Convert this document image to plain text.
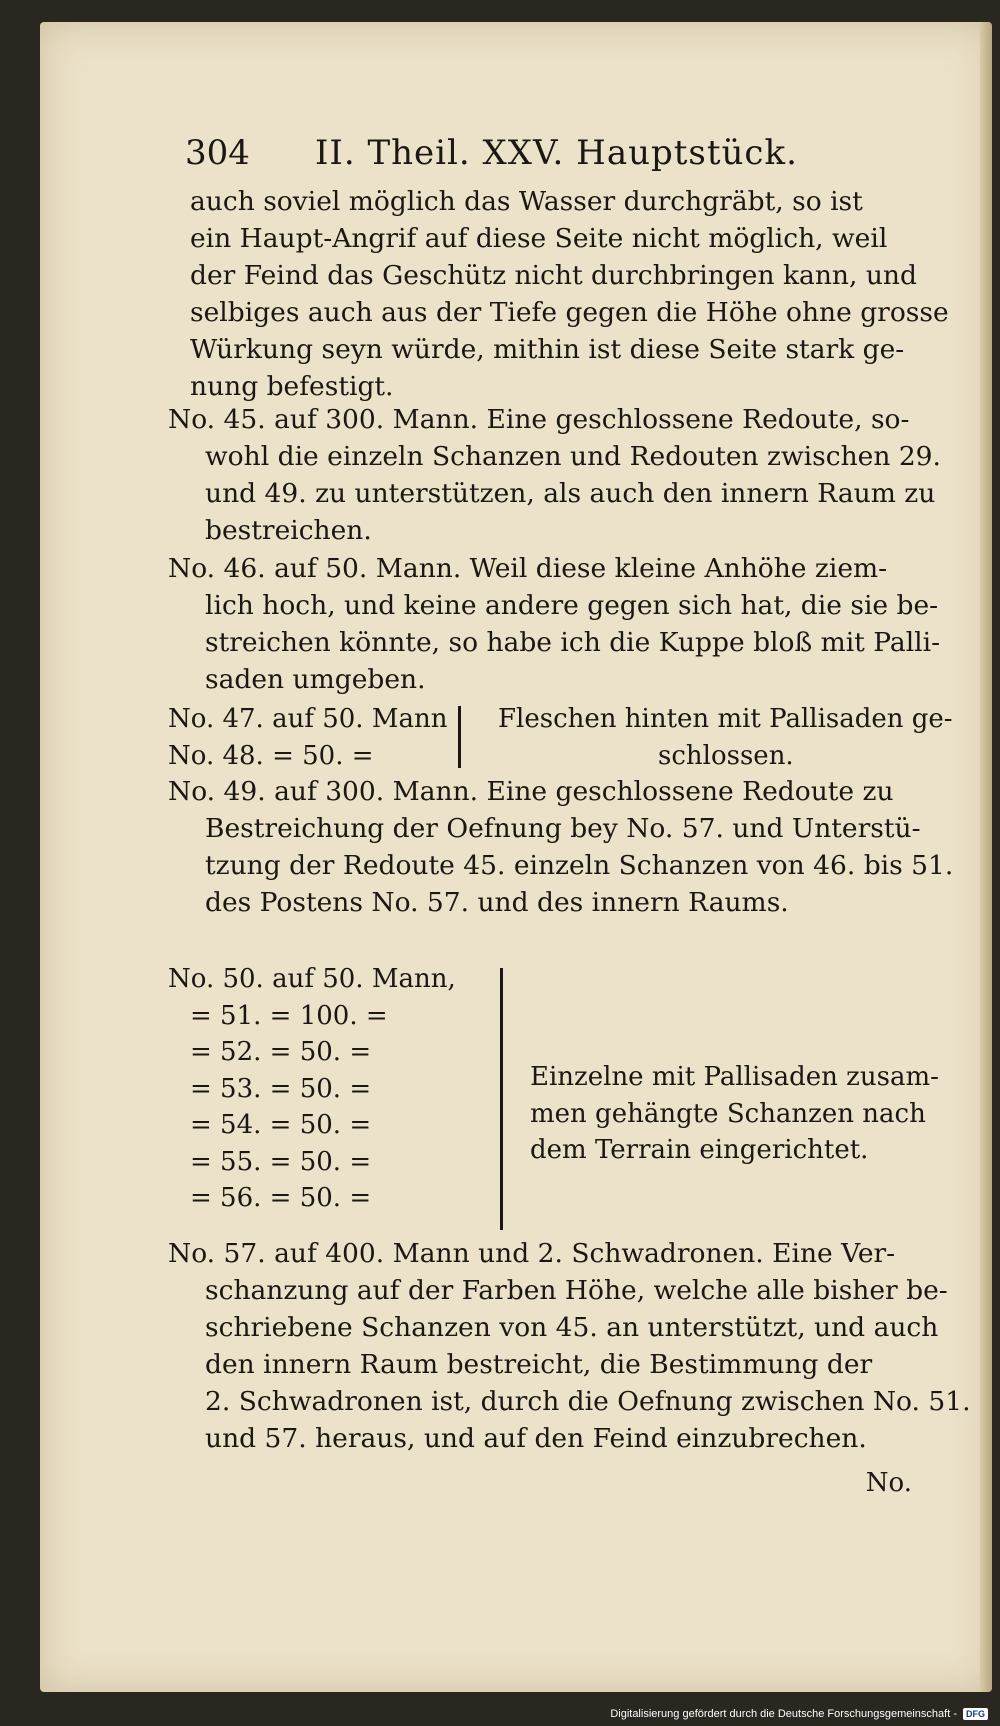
304 II. Theil. XXV. Hauptstück.
auch soviel möglich das Wasser durchgräbt, so ist
ein Haupt-Angrif auf diese Seite nicht möglich, weil
der Feind das Geschütz nicht durchbringen kann, und
selbiges auch aus der Tiefe gegen die Höhe ohne grosse
Würkung seyn würde, mithin ist diese Seite stark ge-
nung befestigt.
No. 45. auf 300. Mann. Eine geschlossene Redoute, so-
wohl die einzeln Schanzen und Redouten zwischen 29.
und 49. zu unterstützen, als auch den innern Raum zu
bestreichen.
No. 46. auf 50. Mann. Weil diese kleine Anhöhe ziem-
lich hoch, und keine andere gegen sich hat, die sie be-
streichen könnte, so habe ich die Kuppe bloß mit Palli-
saden umgeben.
No. 47. auf 50. Mann
No. 48. = 50. =
Fleschen hinten mit Pallisaden ge-
schlossen.
No. 49. auf 300. Mann. Eine geschlossene Redoute zu
Bestreichung der Oefnung bey No. 57. und Unterstü-
tzung der Redoute 45. einzeln Schanzen von 46. bis 51.
des Postens No. 57. und des innern Raums.
No. 50. auf 50. Mann,
= 51. = 100. =
= 52. = 50. =
= 53. = 50. =
= 54. = 50. =
= 55. = 50. =
= 56. = 50. =
Einzelne mit Pallisaden zusam-
men gehängte Schanzen nach
dem Terrain eingerichtet.
No. 57. auf 400. Mann und 2. Schwadronen. Eine Ver-
schanzung auf der Farben Höhe, welche alle bisher be-
schriebene Schanzen von 45. an unterstützt, und auch
den innern Raum bestreicht, die Bestimmung der
2. Schwadronen ist, durch die Oefnung zwischen No. 51.
und 57. heraus, und auf den Feind einzubrechen.
No.
Digitalisierung gefördert durch die Deutsche Forschungsgemeinschaft -	DFG
